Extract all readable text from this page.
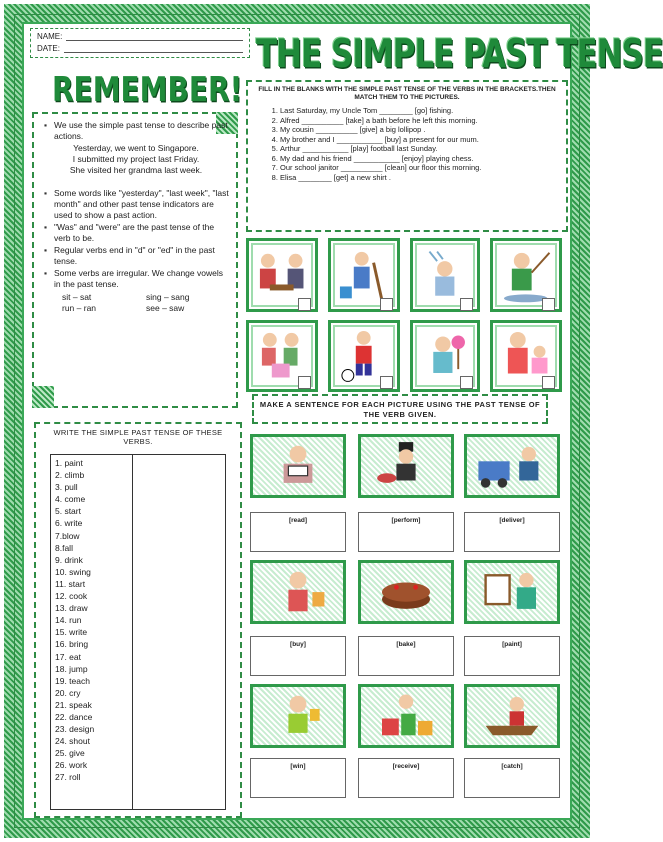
NAME:
DATE:	THE SIMPLE PAST TENSE
REMEMBER!
▪ We use the simple past tense to describe past actions.
Yesterday, we went to Singapore.
I submitted my project last Friday.
She visited her grandma last week.
▪ Some words like "yesterday", "last week", "last month" and other past tense indicators are used to show a past action.
▪ "Was" and "were" are the past tense of the verb to be.
▪ Regular verbs end in "d" or "ed" in the past tense.
▪ Some verbs are irregular. We change vowels in the past tense.
sit – sat	sing – sang
run – ran	see – saw
FILL IN THE BLANKS WITH THE SIMPLE PAST TENSE OF THE VERBS IN THE BRACKETS.THEN MATCH THEM TO THE PICTURES.
1. Last Saturday, my Uncle Tom ________ [go] fishing.
2. Alfred __________ [take] a bath before he left this morning.
3. My cousin __________ [give] a big lollipop .
4. My brother and I ___________ [buy] a present for our mum.
5. Arthur ___________ [play] football last Sunday.
6. My dad and his friend ___________ [enjoy] playing chess.
7. Our school janitor __________ [clean] our floor this morning.
8. Elisa ________ [get] a new shirt .
MAKE A SENTENCE FOR EACH PICTURE USING THE PAST TENSE OF THE VERB GIVEN.
[read]	[perform]	[deliver]
[buy]	[bake]	[paint]
[win]	[receive]	[catch]
WRITE THE SIMPLE PAST TENSE OF THESE VERBS.
1. paint
2. climb
3. pull
4. come
5. start
6. write
7.blow
8.fall
9. drink
10. swing
11. start
12. cook
13. draw
14. run
15. write
16. bring
17. eat
18. jump
19. teach
20. cry
21. speak
22. dance
23. design
24. shout
25. give
26. work
27. roll
